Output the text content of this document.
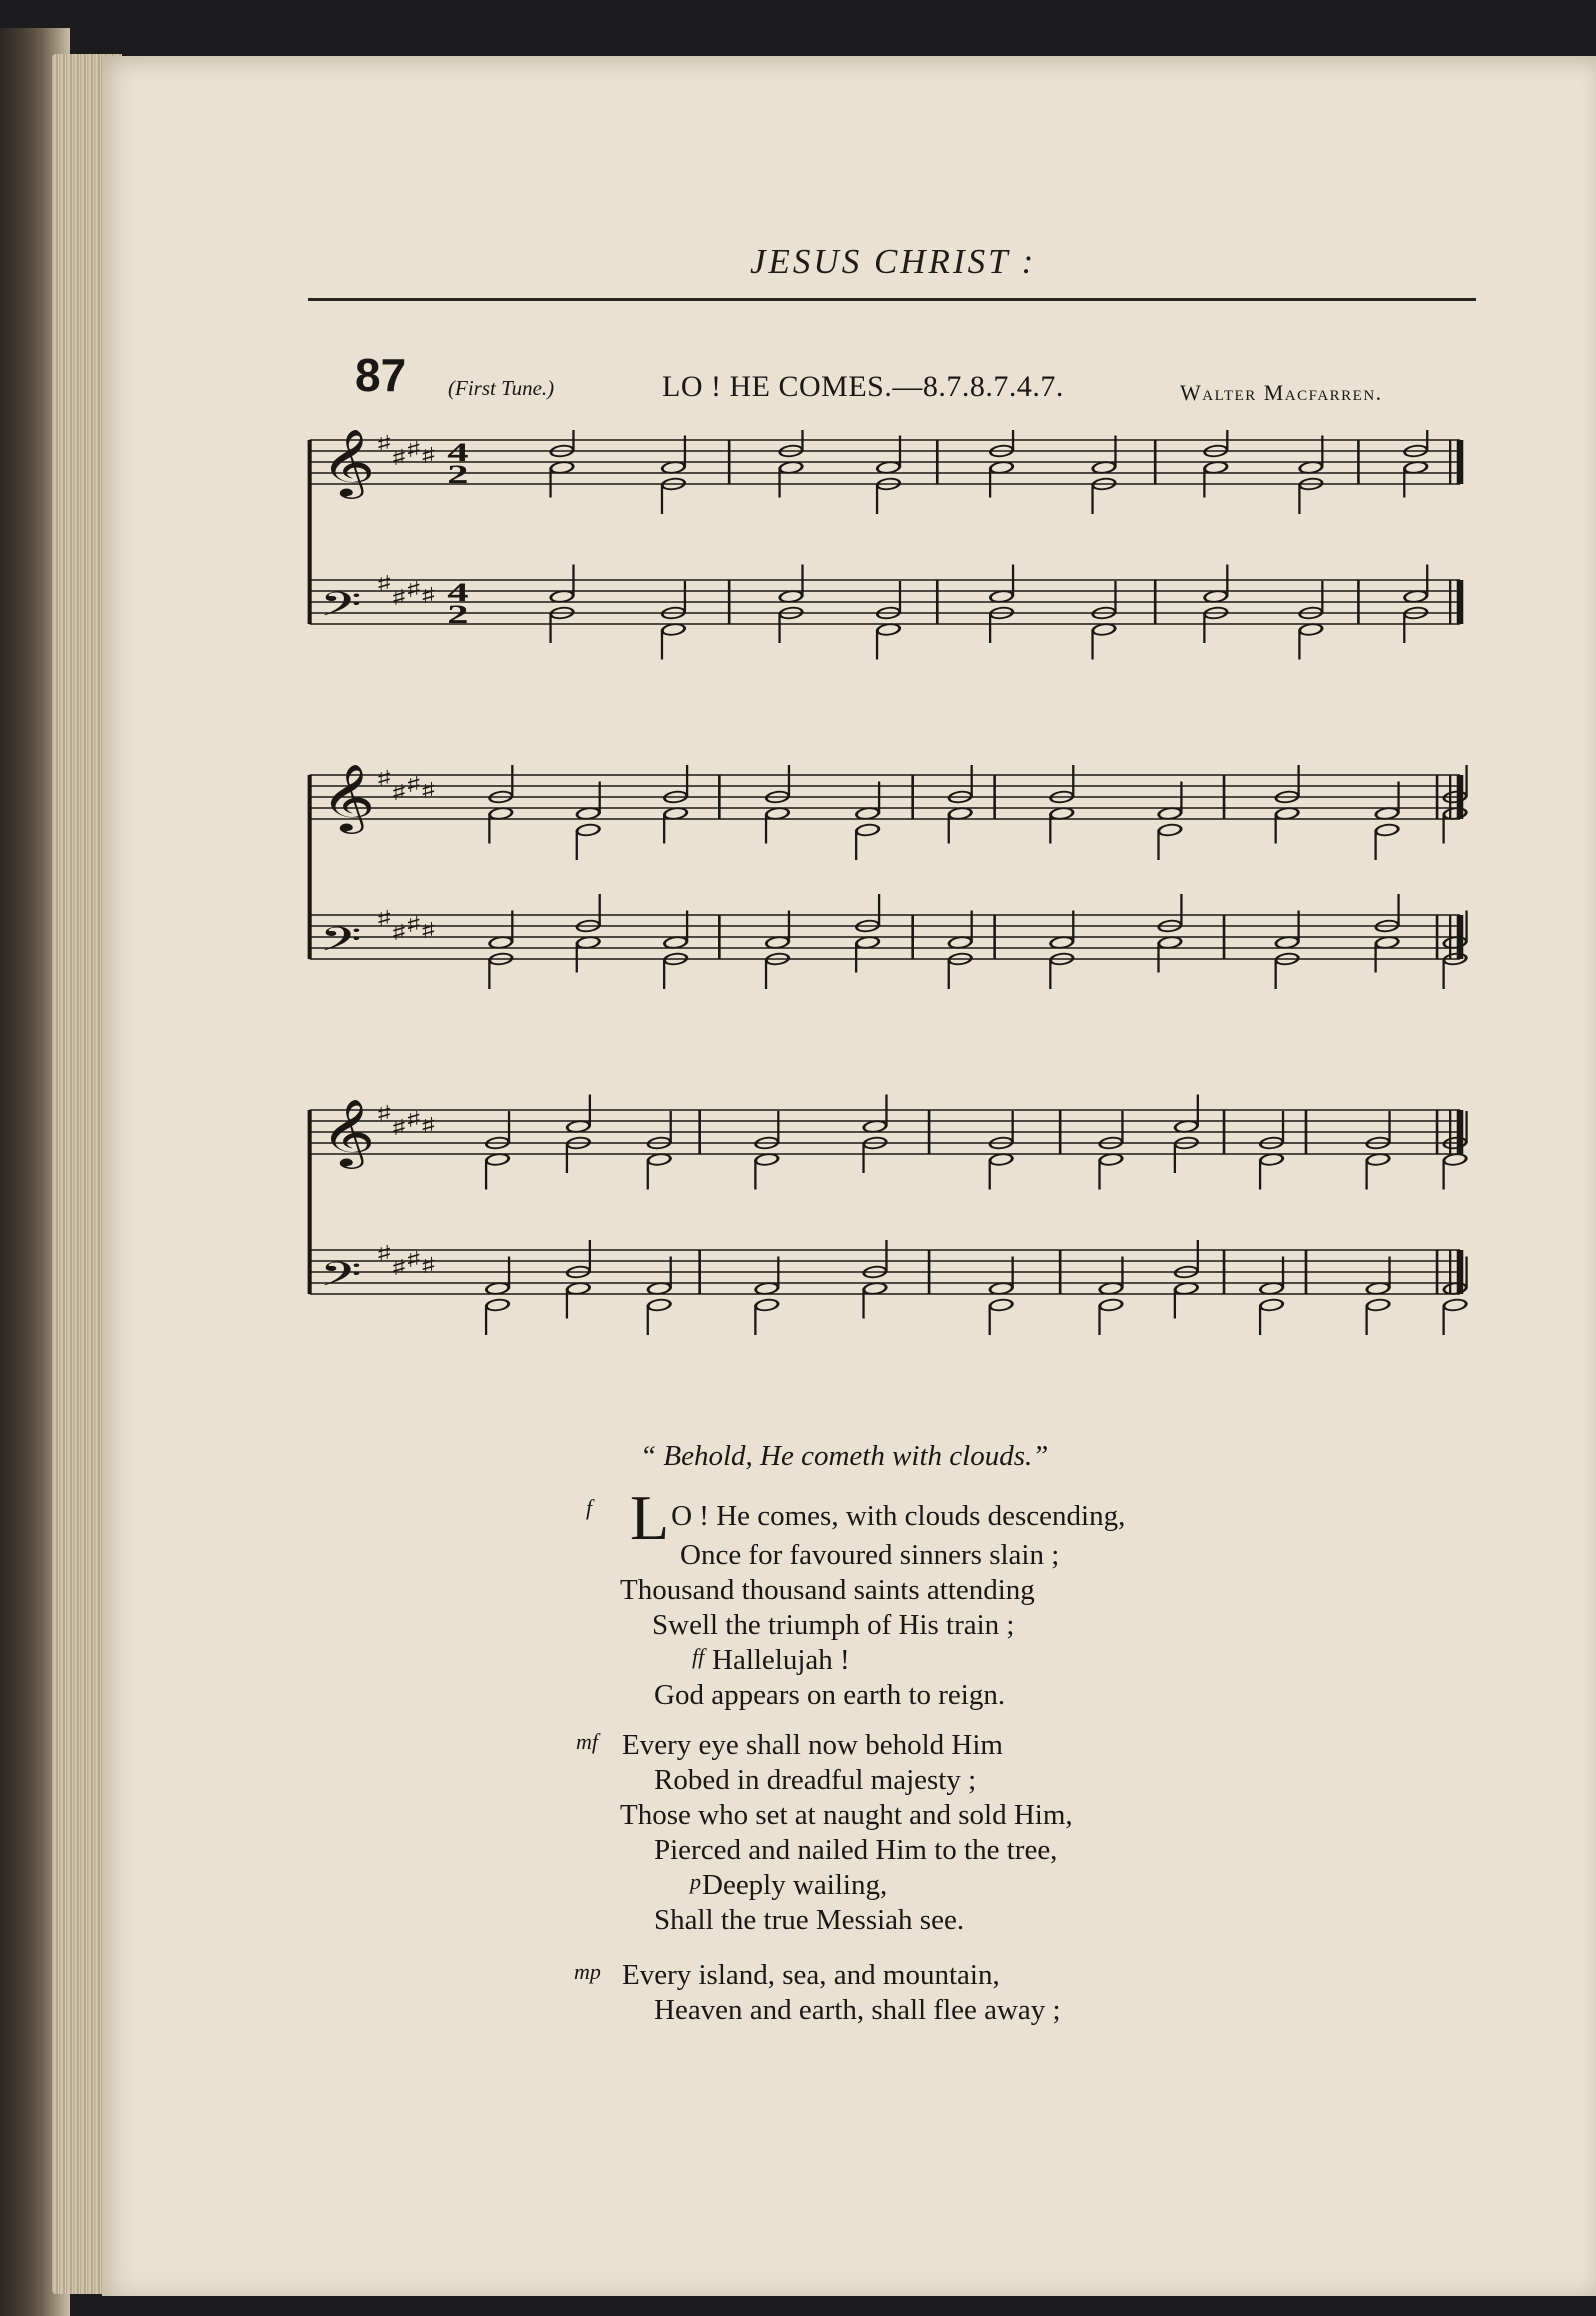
JESUS CHRIST :
87 (First Tune.)	LO ! HE COMES.—8.7.8.7.4.7.	Walter Macfarren.
𝄞 ♯
♯
♯
♯ 4
2
𝄢
♯
♯
♯
♯ 4
2
𝄞 ♯
♯
♯
♯
𝄢
♯
♯
♯
♯
𝄞 ♯
♯
♯
♯
𝄢
♯
♯
♯
♯
“ Behold, He cometh with clouds.”
f LO ! He comes, with clouds descending,
Once for favoured sinners slain ;
Thousand thousand saints attending
Swell the triumph of His train ;
ff Hallelujah !
God appears on earth to reign.
mf Every eye shall now behold Him
Robed in dreadful majesty ;
Those who set at naught and sold Him,
Pierced and nailed Him to the tree,
p Deeply wailing,
Shall the true Messiah see.
mp Every island, sea, and mountain,
Heaven and earth, shall flee away ;
